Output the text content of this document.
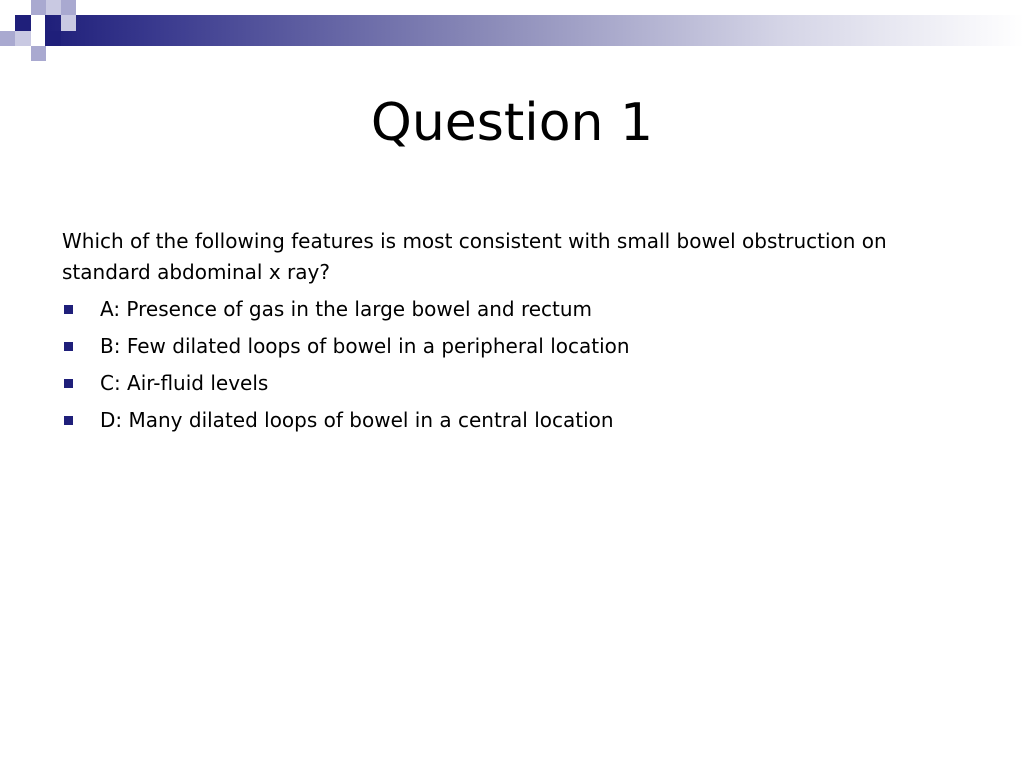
Question 1

Which of the following features is most consistent with small bowel obstruction on standard abdominal x ray?

A: Presence of gas in the large bowel and rectum
B: Few dilated loops of bowel in a peripheral location
C: Air-fluid levels
D: Many dilated loops of bowel in a central location
